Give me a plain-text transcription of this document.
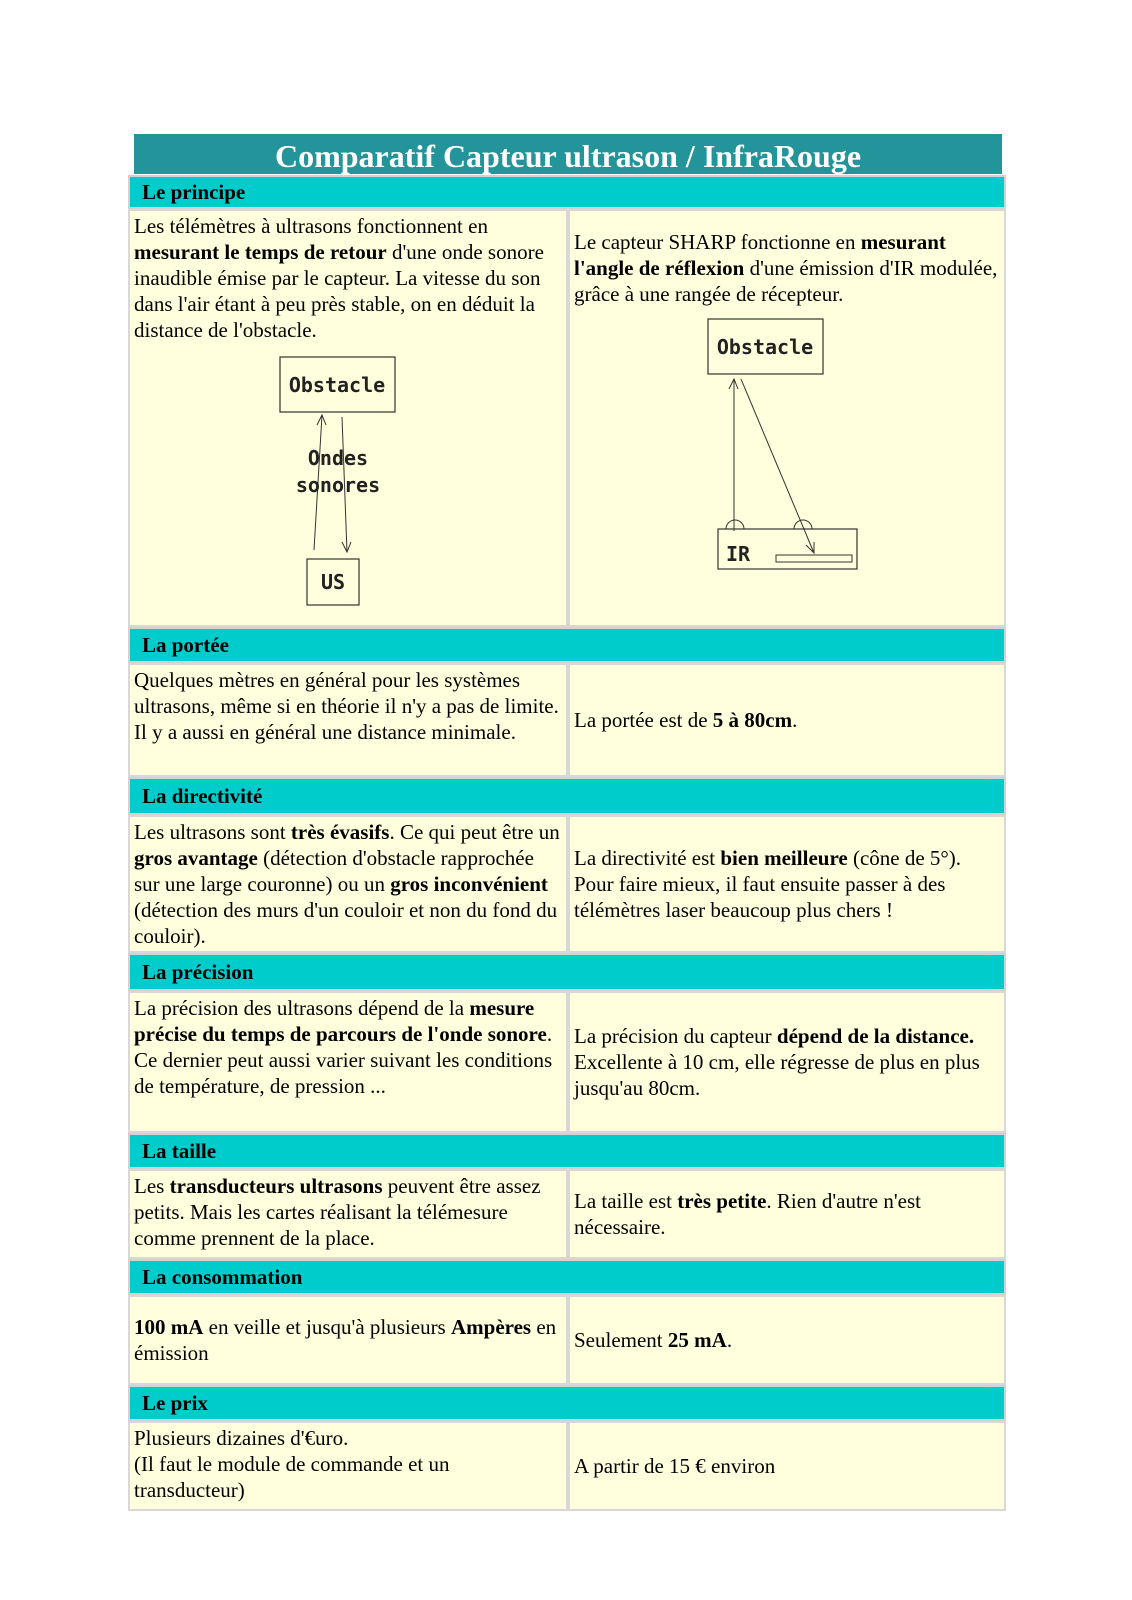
Comparatif Capteur ultrason / InfraRouge
Le principe
Les télémètres à ultrasons fonctionnent en mesurant le temps de retour d'une onde sonore inaudible émise par le capteur. La vitesse du son dans l'air étant à peu près stable, on en déduit la distance de l'obstacle.
Obstacle
Ondes
sonores
US
Le capteur SHARP fonctionne en mesurant l'angle de réflexion d'une émission d'IR modulée, grâce à une rangée de récepteur.
Obstacle
IR
La portée
Quelques mètres en général pour les systèmes ultrasons, même si en théorie il n'y a pas de limite. Il y a aussi en général une distance minimale.	La portée est de 5 à 80cm.
La directivité
Les ultrasons sont très évasifs. Ce qui peut être un gros avantage (détection d'obstacle rapprochée sur une large couronne) ou un gros inconvénient (détection des murs d'un couloir et non du fond du couloir).
La directivité est bien meilleure (cône de 5°). Pour faire mieux, il faut ensuite passer à des télémètres laser beaucoup plus chers !
La précision
La précision des ultrasons dépend de la mesure précise du temps de parcours de l'onde sonore. Ce dernier peut aussi varier suivant les conditions de température, de pression ...
La précision du capteur dépend de la distance. Excellente à 10 cm, elle régresse de plus en plus jusqu'au 80cm.
La taille
Les transducteurs ultrasons peuvent être assez petits. Mais les cartes réalisant la télémesure comme prennent de la place.
La taille est très petite. Rien d'autre n'est nécessaire.
La consommation
100 mA en veille et jusqu'à plusieurs Ampères en émission
Seulement 25 mA.
Le prix
Plusieurs dizaines d'€uro.
(Il faut le module de commande et un transducteur)
A partir de 15 € environ
